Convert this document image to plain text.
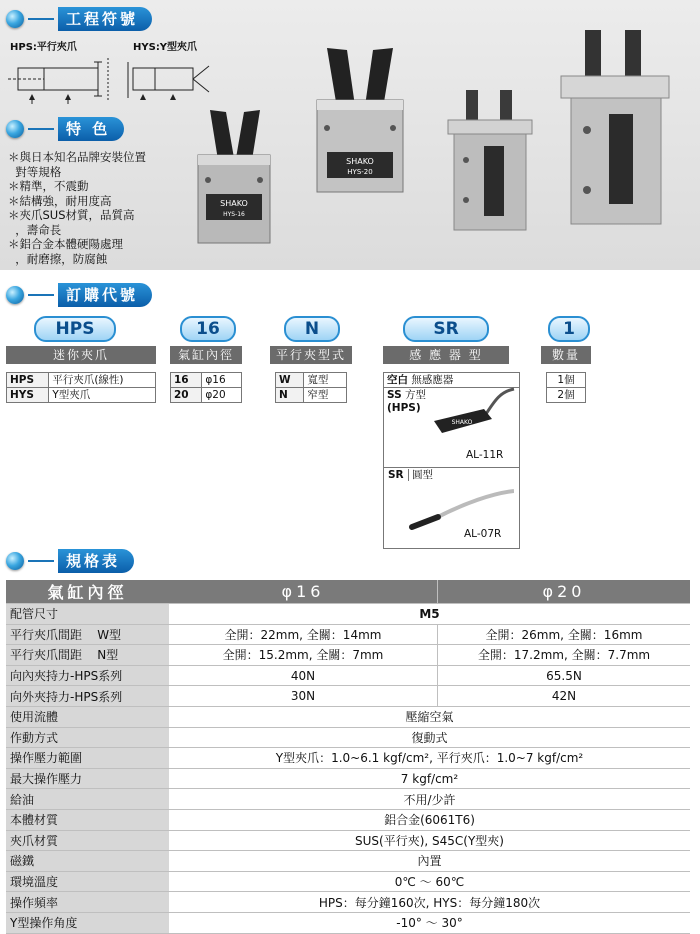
工程符號
HPS:平行夾爪	HYS:Y型夾爪
特 色
＊與日本知名品牌安裝位置
對等規格
＊精準，不震動
＊結構強，耐用度高
＊夾爪SUS材質，品質高
，壽命長
＊鋁合金本體硬陽處理
，耐磨擦，防腐蝕
SHAKO
HYS-16
SHAKO
HYS-20
訂購代號
HPS
迷你夾爪
HPS	平行夾爪(線性)
HYS	Y型夾爪
16
氣缸內徑
16	φ16
20	φ20
N
平行夾型式
W	寬型
N	窄型
SR
感 應 器 型
空白 無感應器
SS 方型
(HPS)
SHAKO
AL-11R
SR 圓型
AL-07R
1
數量
1個
2個
規格表
氣缸內徑	φ16	φ20
配管尺寸	M5	
平行夾爪間距    W型	全開：22mm, 全關：14mm	全開：26mm, 全關：16mm
平行夾爪間距    N型	全開：15.2mm, 全關：7mm	全開：17.2mm, 全關：7.7mm
向內夾持力-HPS系列	40N	65.5N
向外夾持力-HPS系列	30N	42N
使用流體	壓縮空氣	
作動方式	復動式	
操作壓力範圍	Y型夾爪：1.0~6.1 kgf/cm², 平行夾爪：1.0~7 kgf/cm²	
最大操作壓力	7 kgf/cm²	
給油	不用/少許	
本體材質	鋁合金(6061T6)	
夾爪材質	SUS(平行夾), S45C(Y型夾)	
磁鐵	內置	
環境溫度	0℃ ～ 60℃	
操作頻率	HPS：每分鐘160次, HYS：每分鐘180次	
Y型操作角度	-10° ～ 30°	
